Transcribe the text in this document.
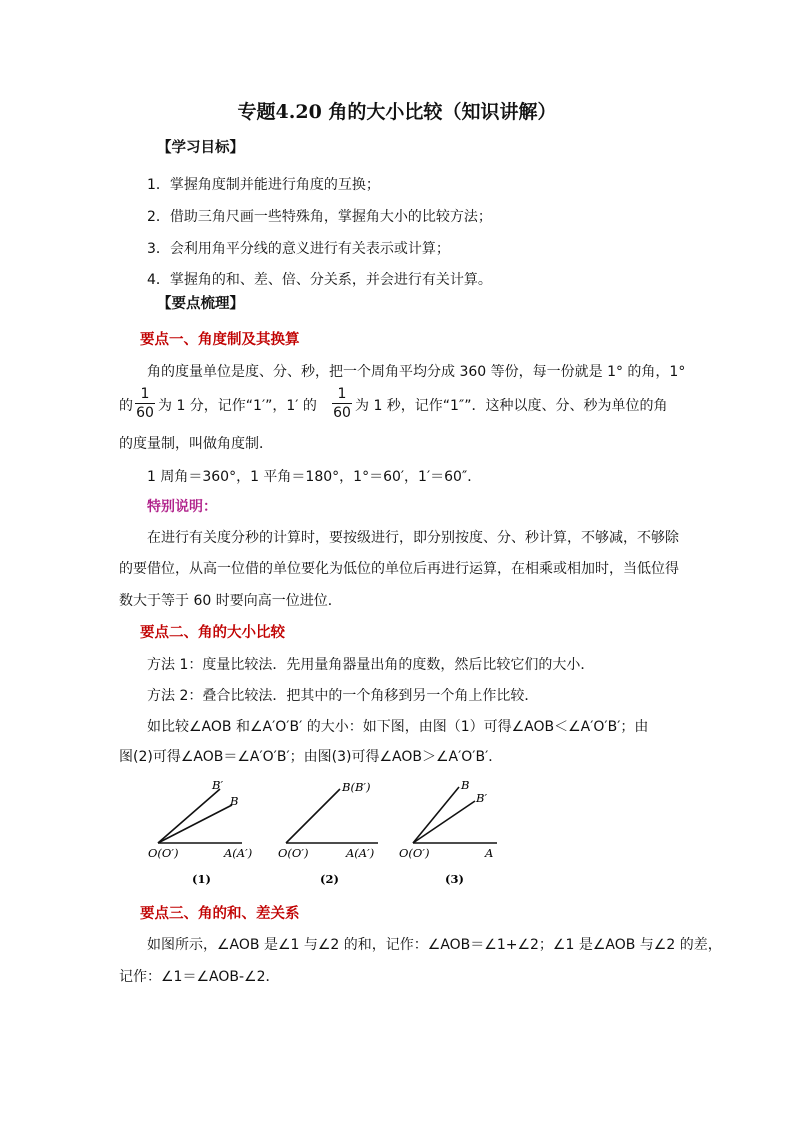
专题4.20 角的大小比较（知识讲解）
【学习目标】
1．掌握角度制并能进行角度的互换；
2．借助三角尺画一些特殊角，掌握角大小的比较方法；
3．会利用角平分线的意义进行有关表示或计算；
4．掌握角的和、差、倍、分关系，并会进行有关计算。
【要点梳理】
要点一、角度制及其换算
角的度量单位是度、分、秒，把一个周角平均分成 360 等份，每一份就是 1° 的角，1°
的
1
60 为 1 分，记作“1′”，1′ 的
1
60 为 1 秒，记作“1″”．这种以度、分、秒为单位的角
的度量制，叫做角度制．
1 周角＝360°，1 平角＝180°，1°＝60′，1′＝60″．
特别说明：
在进行有关度分秒的计算时，要按级进行，即分别按度、分、秒计算，不够减，不够除
的要借位，从高一位借的单位要化为低位的单位后再进行运算，在相乘或相加时，当低位得
数大于等于 60 时要向高一位进位．
要点二、角的大小比较
方法 1：度量比较法．先用量角器量出角的度数，然后比较它们的大小．
方法 2：叠合比较法．把其中的一个角移到另一个角上作比较．
如比较∠AOB 和∠A′O′B′ 的大小：如下图，由图（1）可得∠AOB＜∠A′O′B′；由
图(2)可得∠AOB＝∠A′O′B′；由图(3)可得∠AOB＞∠A′O′B′．
B′
B
O(O′)	A(A′)
(1)
B(B′)
O(O′)	A(A′)
(2)
B
B′
O(O′)	A
(3)
要点三、角的和、差关系
如图所示，∠AOB 是∠1 与∠2 的和，记作：∠AOB＝∠1+∠2；∠1 是∠AOB 与∠2 的差，
记作：∠1＝∠AOB-∠2．
